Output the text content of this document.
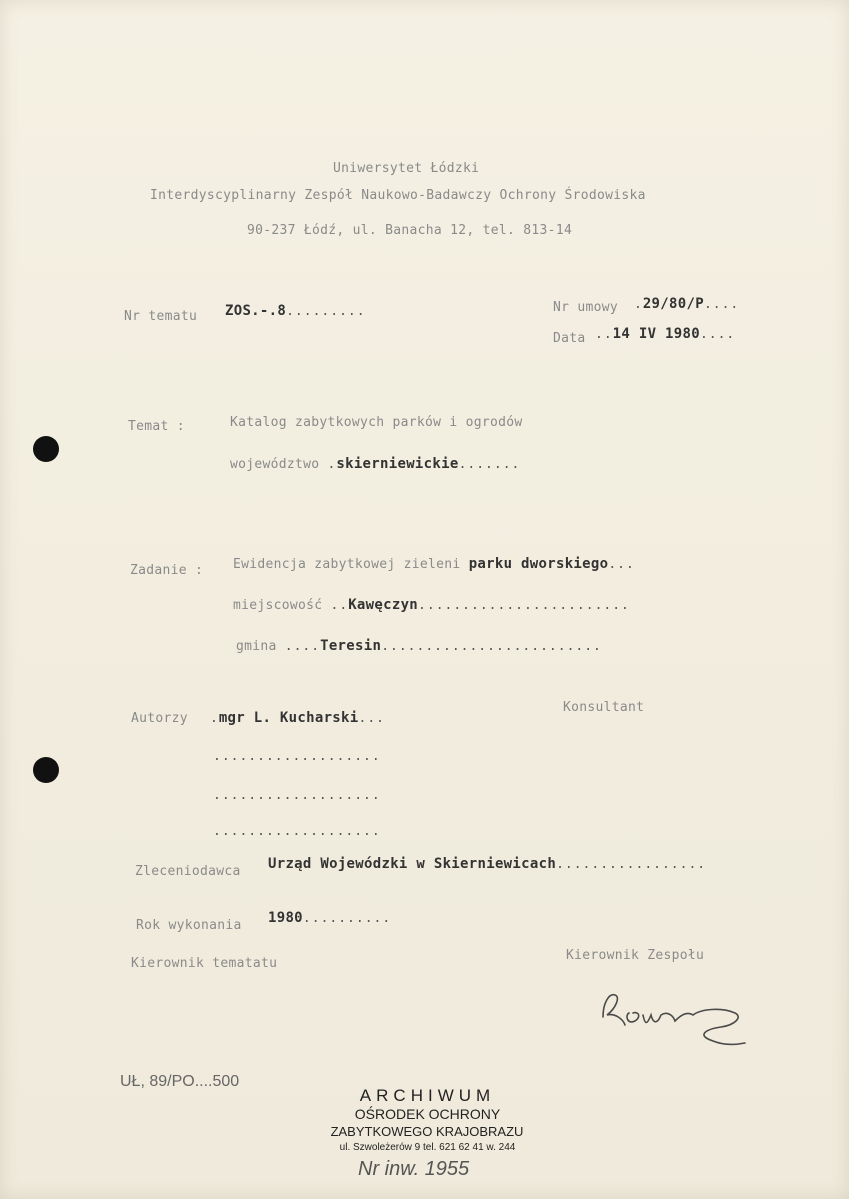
Uniwersytet Łódzki
Interdyscyplinarny Zespół Naukowo-Badawczy Ochrony Środowiska
90-237 Łódź, ul. Banacha 12, tel. 813-14
Nr tematu ZOS.-.8.........	Nr umowy .29/80/P....
Data ..14 IV 1980....
Temat :	Katalog zabytkowych parków i ogrodów
województwo .skierniewickie.......
Zadanie : Ewidencja zabytkowej zieleni parku dworskiego...
miejscowość ..Kawęczyn........................
gmina ....Teresin.........................
Autorzy .mgr L. Kucharski...
Konsultant
...................
...................
...................
Zleceniodawca Urząd Wojewódzki w Skierniewicach.................
Rok wykonania 1980..........
Kierownik tematatu
Kierownik Zespołu
UŁ, 89/PO....500
ARCHIWUM
OŚRODEK OCHRONY
ZABYTKOWEGO KRAJOBRAZU
ul. Szwoleżerów 9 tel. 621 62 41 w. 244
Nr inw. 1955
